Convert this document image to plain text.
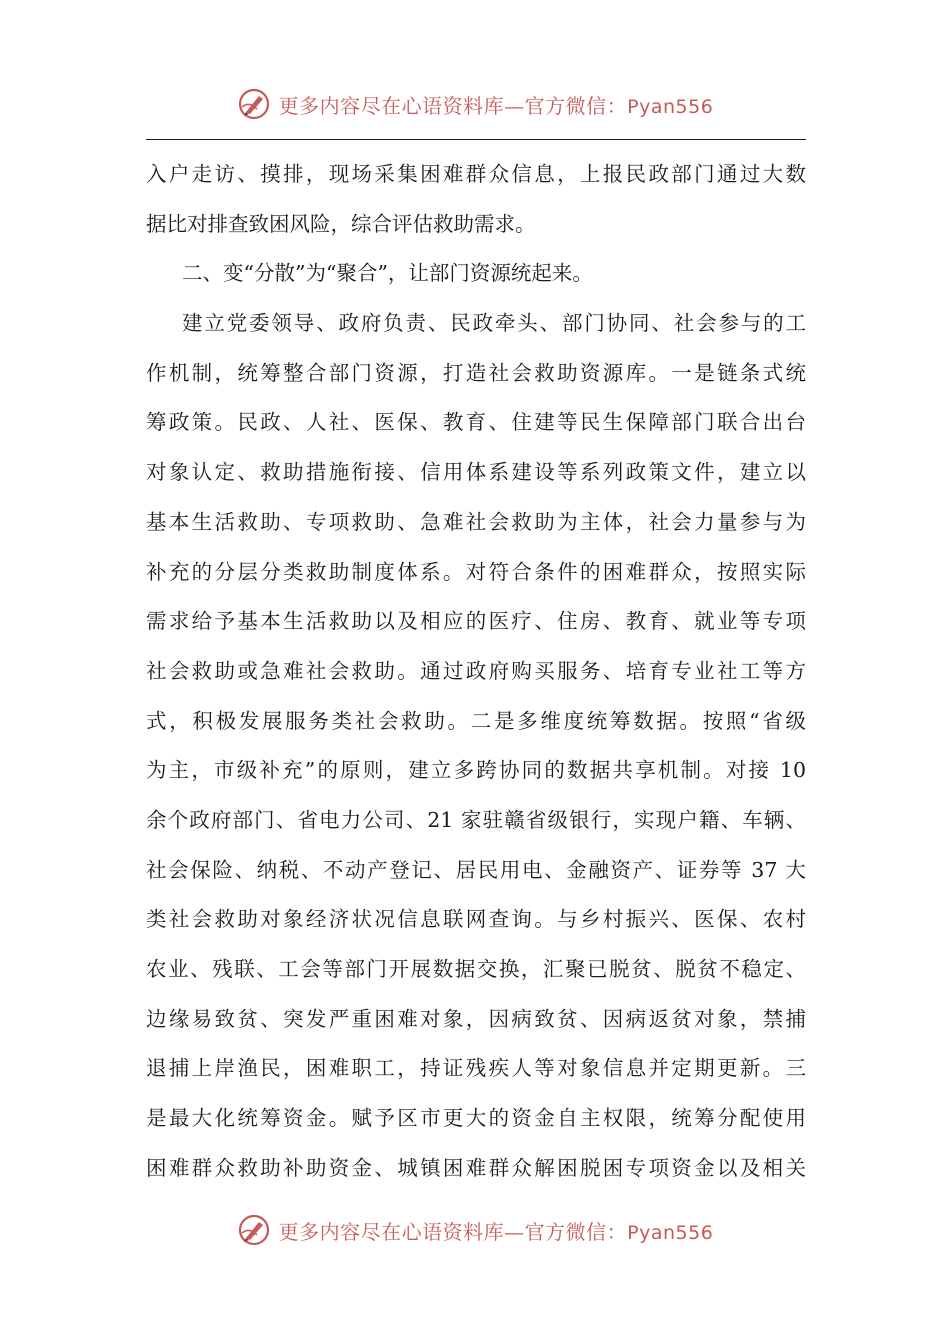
更多内容尽在心语资料库—官方微信：Pyan556
入户走访、摸排，现场采集困难群众信息，上报民政部门通过大数
据比对排查致困风险，综合评估救助需求。
二、变“分散”为“聚合”，让部门资源统起来。
建立党委领导、政府负责、民政牵头、部门协同、社会参与的工
作机制，统筹整合部门资源，打造社会救助资源库。一是链条式统
筹政策。民政、人社、医保、教育、住建等民生保障部门联合出台
对象认定、救助措施衔接、信用体系建设等系列政策文件，建立以
基本生活救助、专项救助、急难社会救助为主体，社会力量参与为
补充的分层分类救助制度体系。对符合条件的困难群众，按照实际
需求给予基本生活救助以及相应的医疗、住房、教育、就业等专项
社会救助或急难社会救助。通过政府购买服务、培育专业社工等方
式，积极发展服务类社会救助。二是多维度统筹数据。按照“省级
为主，市级补充”的原则，建立多跨协同的数据共享机制。对接 10
余个政府部门、省电力公司、21 家驻赣省级银行，实现户籍、车辆、
社会保险、纳税、不动产登记、居民用电、金融资产、证券等 37 大
类社会救助对象经济状况信息联网查询。与乡村振兴、医保、农村
农业、残联、工会等部门开展数据交换，汇聚已脱贫、脱贫不稳定、
边缘易致贫、突发严重困难对象，因病致贫、因病返贫对象，禁捕
退捕上岸渔民，困难职工，持证残疾人等对象信息并定期更新。三
是最大化统筹资金。赋予区市更大的资金自主权限，统筹分配使用
困难群众救助补助资金、城镇困难群众解困脱困专项资金以及相关
更多内容尽在心语资料库—官方微信：Pyan556
